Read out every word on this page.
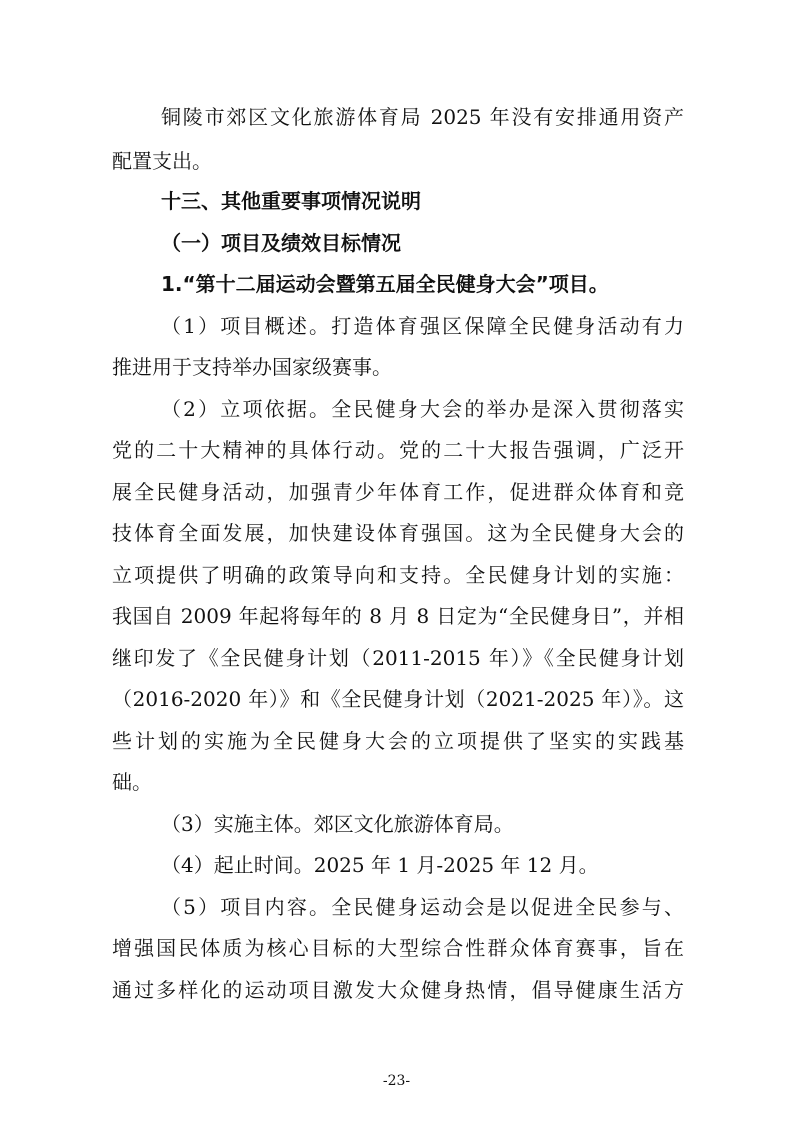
铜陵市郊区文化旅游体育局 2025 年没有安排通用资产
配置支出。
十三、其他重要事项情况说明
（一）项目及绩效目标情况
1.“第十二届运动会暨第五届全民健身大会”项目。
（1）项目概述。打造体育强区保障全民健身活动有力
推进用于支持举办国家级赛事。
（2）立项依据。全民健身大会的举办是深入贯彻落实
党的二十大精神的具体行动。党的二十大报告强调，广泛开
展全民健身活动，加强青少年体育工作，促进群众体育和竞
技体育全面发展，加快建设体育强国。这为全民健身大会的
立项提供了明确的政策导向和支持。全民健身计划的实施：
我国自 2009 年起将每年的 8 月 8 日定为“全民健身日”，并相
继印发了《全民健身计划（2011-2015 年）》《全民健身计划
（2016-2020 年）》和《全民健身计划（2021-2025 年）》。这
些计划的实施为全民健身大会的立项提供了坚实的实践基
础。
（3）实施主体。郊区文化旅游体育局。
（4）起止时间。2025 年 1 月-2025 年 12 月。
（5）项目内容。全民健身运动会是以促进全民参与、
增强国民体质为核心目标的大型综合性群众体育赛事，旨在
通过多样化的运动项目激发大众健身热情，倡导健康生活方
-23-
